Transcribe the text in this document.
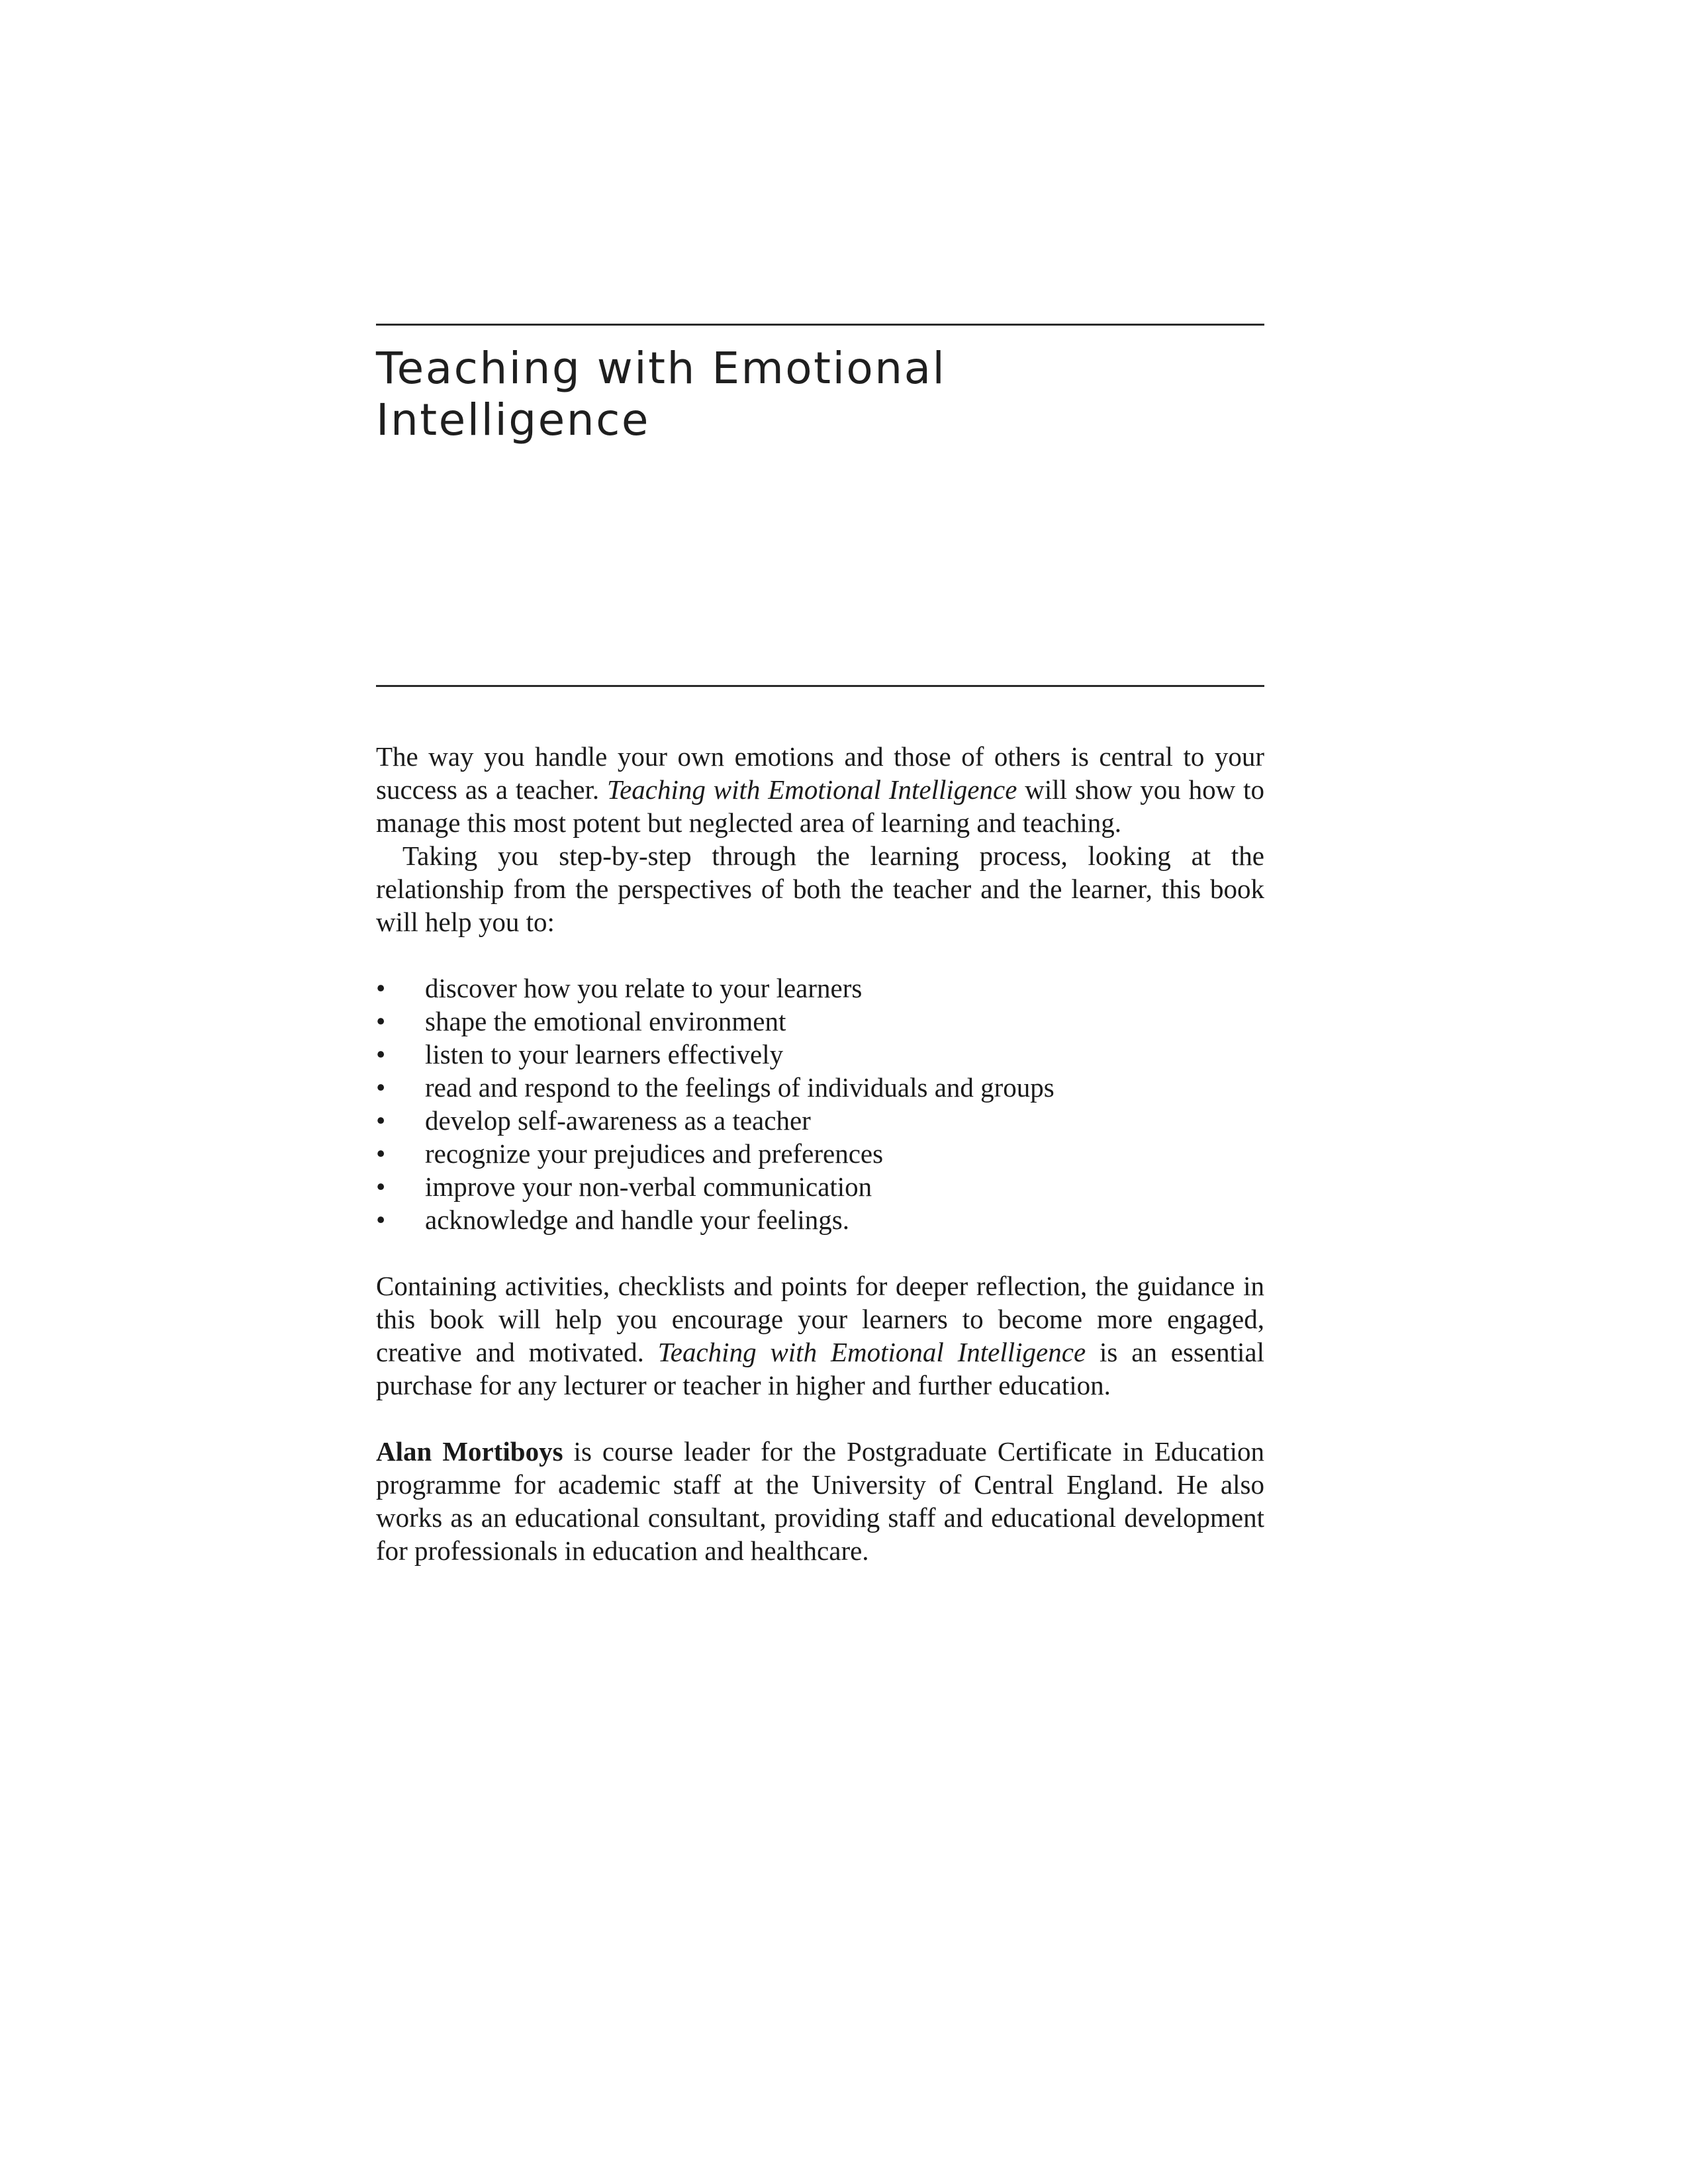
Teaching with Emotional
Intelligence

The way you handle your own emotions and those of others is central to your success as a teacher. Teaching with Emotional Intelligence will show you how to manage this most potent but neglected area of learning and teaching.

Taking you step-by-step through the learning process, looking at the relationship from the perspectives of both the teacher and the learner, this book will help you to:

•	discover how you relate to your learners
•	shape the emotional environment
•	listen to your learners effectively
•	read and respond to the feelings of individuals and groups
•	develop self-awareness as a teacher
•	recognize your prejudices and preferences
•	improve your non-verbal communication
•	acknowledge and handle your feelings.

Containing activities, checklists and points for deeper reflection, the guidance in this book will help you encourage your learners to become more engaged, creative and motivated. Teaching with Emotional Intelligence is an essential purchase for any lecturer or teacher in higher and further education.

Alan Mortiboys is course leader for the Postgraduate Certificate in Education programme for academic staff at the University of Central England. He also works as an educational consultant, providing staff and educational development for professionals in education and healthcare.
